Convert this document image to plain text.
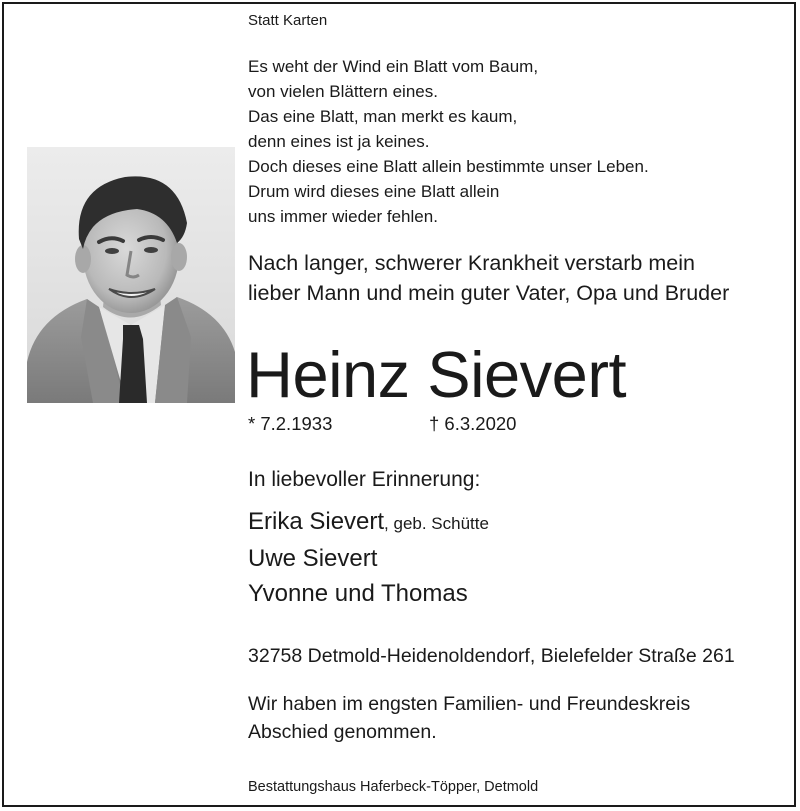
Statt Karten
Es weht der Wind ein Blatt vom Baum,
von vielen Blättern eines.
Das eine Blatt, man merkt es kaum,
denn eines ist ja keines.
Doch dieses eine Blatt allein bestimmte unser Leben.
Drum wird dieses eine Blatt allein
uns immer wieder fehlen.
Nach langer, schwerer Krankheit verstarb mein
lieber Mann und mein guter Vater, Opa und Bruder
Heinz Sievert
* 7.2.1933	† 6.3.2020
In liebevoller Erinnerung:
Erika Sievert, geb. Schütte
Uwe Sievert
Yvonne und Thomas
32758 Detmold-Heidenoldendorf, Bielefelder Straße 261
Wir haben im engsten Familien- und Freundeskreis
Abschied genommen.
Bestattungshaus Haferbeck-Töpper, Detmold
